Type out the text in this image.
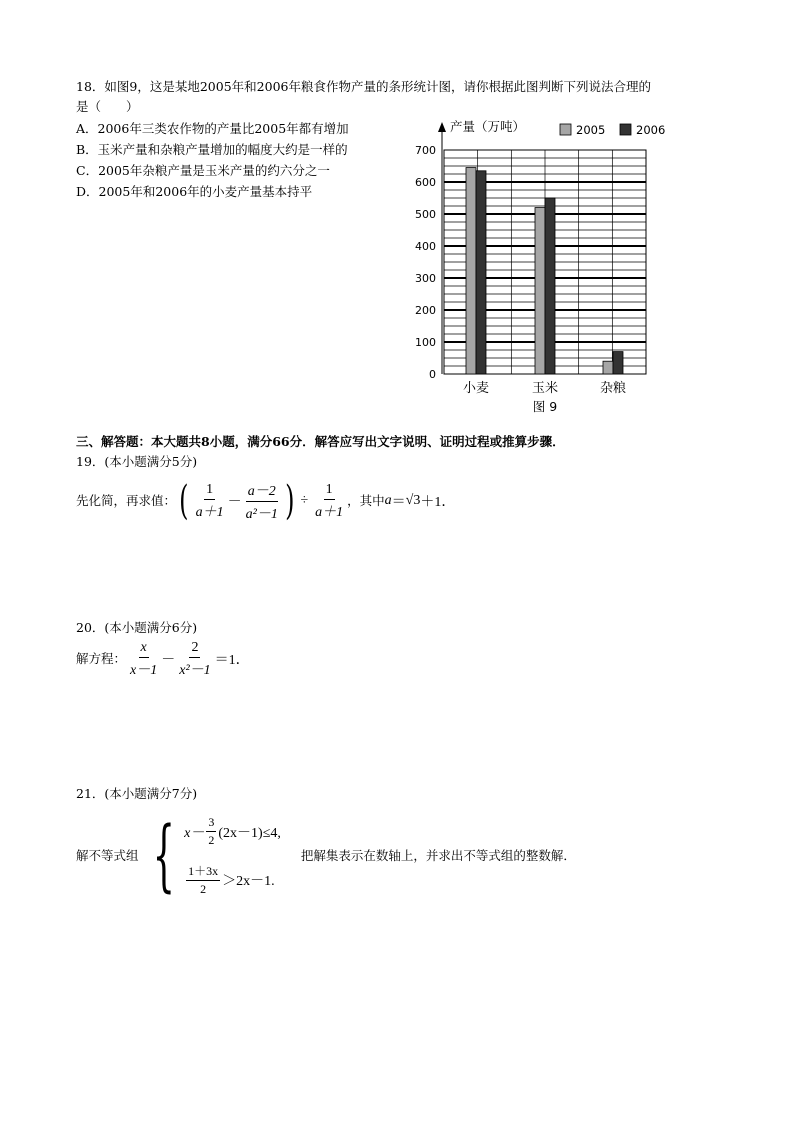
18．如图9，这是某地2005年和2006年粮食作物产量的条形统计图，请你根据此图判断下列说法合理的
是（　　）
A．2006年三类农作物的产量比2005年都有增加
B．玉米产量和杂粮产量增加的幅度大约是一样的
C．2005年杂粮产量是玉米产量的约六分之一
D．2005年和2006年的小麦产量基本持平
0
100
200
300
400
500
600
700
产量（万吨）	2005	2006
小麦	玉米	杂粮
图 9
三、解答题：本大题共8小题，满分66分．解答应写出文字说明、证明过程或推算步骤．
19．(本小题满分5分)
先化简，再求值： ( $\frac{1}{a+1} - \frac{a-2}{\text{a²－1}}$ ) ÷ $\frac{1}{a+1}$ ，其中 a ＝ √3 ＋1．
20．(本小题满分6分)
解方程： $\frac{x}{x-1} - \frac{2}{\text{x²－1}} =1$．
21．(本小题满分7分)
解不等式组 { $x- \frac{3}{2} (2x-1)\le 4$,
$\frac{1+3x}{2} >2x-1$.
把解集表示在数轴上，并求出不等式组的整数解．
